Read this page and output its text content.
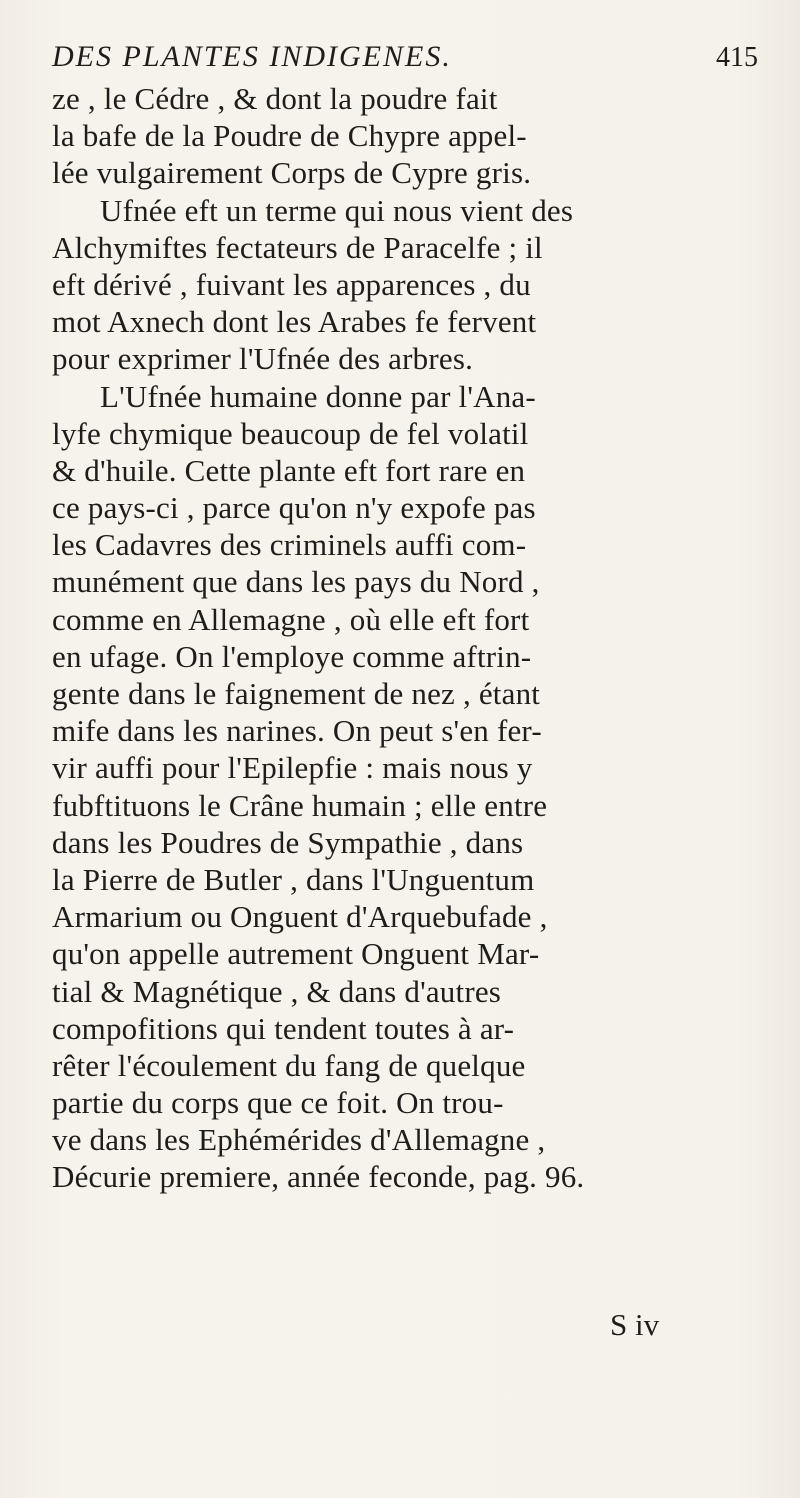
DES PLANTES INDIGENES.	415
ze , le Cédre , & dont la poudre fait
la bafe de la Poudre de Chypre appel-
lée vulgairement Corps de Cypre gris.
Ufnée eft un terme qui nous vient des
Alchymiftes fectateurs de Paracelfe ; il
eft dérivé , fuivant les apparences , du
mot Axnech dont les Arabes fe fervent
pour exprimer l'Ufnée des arbres.
L'Ufnée humaine donne par l'Ana-
lyfe chymique beaucoup de fel volatil
& d'huile. Cette plante eft fort rare en
ce pays-ci , parce qu'on n'y expofe pas
les Cadavres des criminels auffi com-
munément que dans les pays du Nord ,
comme en Allemagne , où elle eft fort
en ufage. On l'employe comme aftrin-
gente dans le faignement de nez , étant
mife dans les narines. On peut s'en fer-
vir auffi pour l'Epilepfie : mais nous y
fubftituons le Crâne humain ; elle entre
dans les Poudres de Sympathie , dans
la Pierre de Butler , dans l'Unguentum
Armarium ou Onguent d'Arquebufade ,
qu'on appelle autrement Onguent Mar-
tial & Magnétique , & dans d'autres
compofitions qui tendent toutes à ar-
rêter l'écoulement du fang de quelque
partie du corps que ce foit. On trou-
ve dans les Ephémérides d'Allemagne ,
Décurie premiere, année feconde, pag. 96.
S iv
